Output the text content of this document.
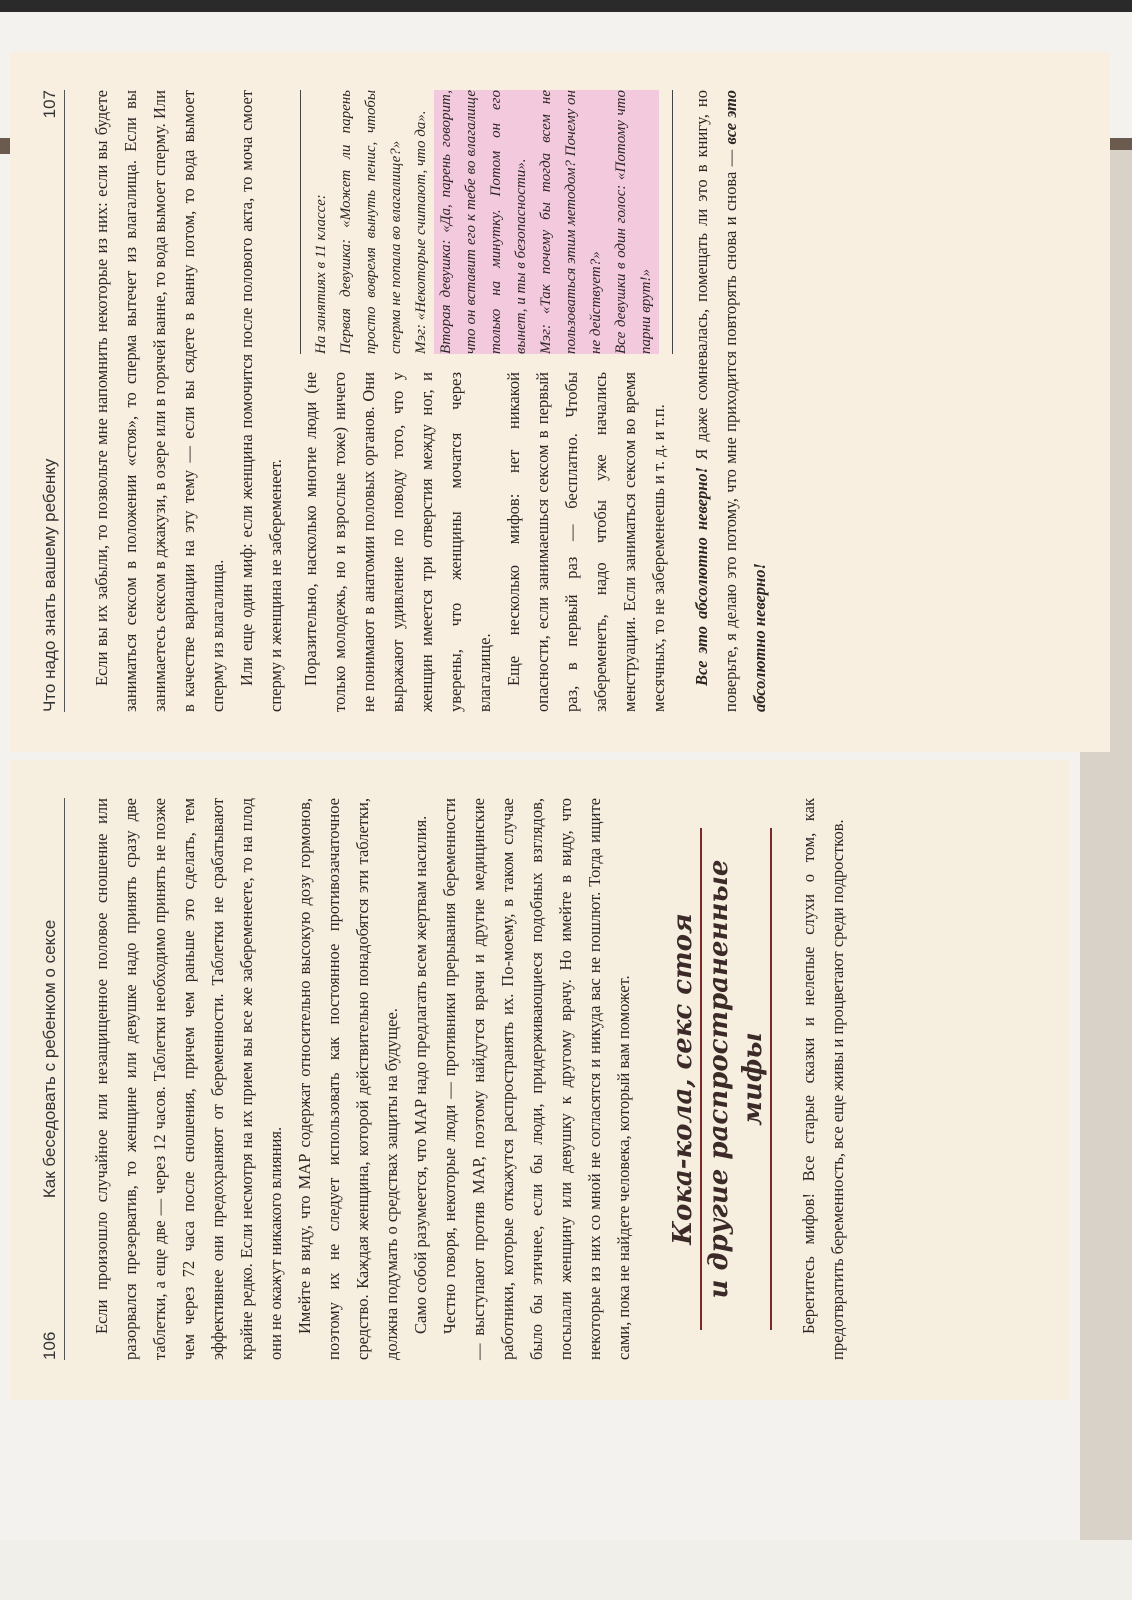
106
Как беседовать с ребенком о сексе	Если произошло случайное или незащищенное половое сношение или разорвался презерватив, то женщине или девушке надо принять сразу две таблетки, а еще две — через 12 часов. Таблетки необходимо принять не позже чем через 72 часа после сношения, причем чем раньше это сделать, тем эффективнее они предохраняют от беременности. Таблетки не срабатывают крайне редко. Если несмотря на их прием вы все же забеременеете, то на плод они не окажут никакого влияния. Имейте в виду, что МАР содержат относительно высокую дозу гормонов, поэтому их не следует использовать как постоянное противозачаточное средство. Каждая женщина, которой действительно понадобятся эти таблетки, должна подумать о средствах защиты на будущее. Само собой разумеется, что МАР надо предлагать всем жертвам насилия. Честно говоря, некоторые люди — противники прерывания беременности — выступают против МАР, поэтому найдутся врачи и другие медицинские работники, которые откажутся распространять их. По-моему, в таком случае было бы этичнее, если бы люди, придерживающиеся подобных взглядов, посылали женщину или девушку к другому врачу. Но имейте в виду, что некоторые из них со мной не согласятся и никуда вас не пошлют. Тогда ищите сами, пока не найдете человека, который вам поможет. Кока-кола, секс стоя и другие распространенные мифы	Берегитесь мифов! Все старые сказки и нелепые слухи о том, как предотвратить беременность, все еще живы и процветают среди подростков.

Что надо знать вашему ребенку
107	Если вы их забыли, то позвольте мне напомнить некоторые из них: если вы будете заниматься сексом в положении «стоя», то сперма вытечет из влагалища. Если вы занимаетесь сексом в джакузи, в озере или в горячей ванне, то вода вымоет сперму. Или в качестве вариации на эту тему — если вы сядете в ванну потом, то вода вымоет сперму из влагалища. Или еще один миф: если женщина помочится после полового акта, то моча смоет сперму и женщина не забеременеет. Поразительно, насколько многие люди (не только молодежь, но и взрослые тоже) ничего не понимают в анатомии половых органов. Они выражают удивление по поводу того, что у женщин имеется три отверстия между ног, и уверены, что женщины мочатся через влагалище. Еще несколько мифов: нет никакой опасности, если занимаешься сексом в первый раз, в первый раз — бесплатно. Чтобы забеременеть, надо чтобы уже начались менструации. Если заниматься сексом во время месячных, то не забеременеешь и т. д. и т.п.

На занятиях в 11 классе: Первая девушка: «Может ли парень просто вовремя вынуть пенис, чтобы сперма не попала во влагалище?» Мэг: «Некоторые считают, что да». Вторая девушка: «Да, парень говорит, что он вставит его к тебе во влагалище только на минутку. Потом он его вынет, и ты в безопасности». Мэг: «Так почему бы тогда всем не пользоваться этим методом? Почему он не действует?» Все девушки в один голос: «Потому что парни врут!»

Все это абсолютно неверно! Я даже сомневалась, помещать ли это в книгу, но поверьте, я делаю это потому, что мне приходится повторять снова и снова — все это абсолютно неверно!
